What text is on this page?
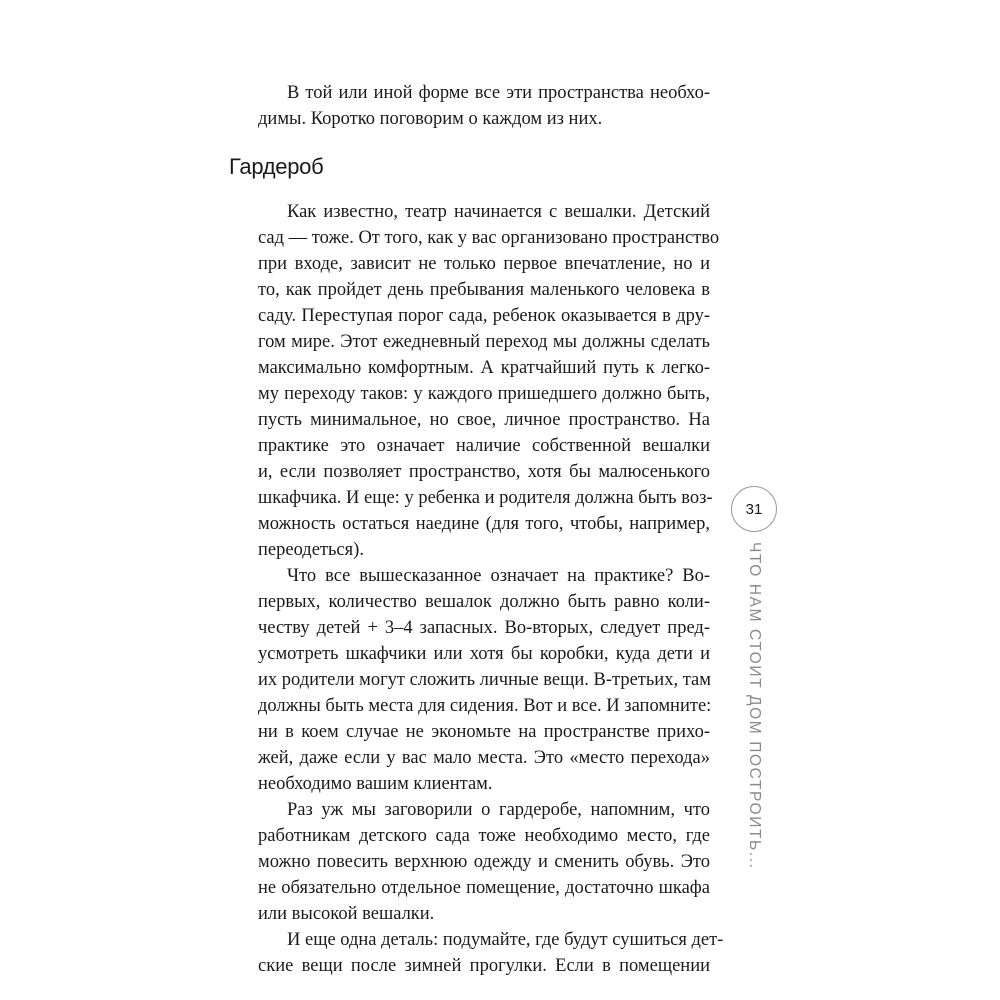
В той или иной форме все эти пространства необхо-
димы. Коротко поговорим о каждом из них.
Гардероб
Как известно, театр начинается с вешалки. Детский
сад — тоже. От того, как у вас организовано пространство
при входе, зависит не только первое впечатление, но и
то, как пройдет день пребывания маленького человека в
саду. Переступая порог сада, ребенок оказывается в дру-
гом мире. Этот ежедневный переход мы должны сделать
максимально комфортным. А кратчайший путь к легко-
му переходу таков: у каждого пришедшего должно быть,
пусть минимальное, но свое, личное пространство. На
практике это означает наличие собственной вешалки
и, если позволяет пространство, хотя бы малюсенького
шкафчика. И еще: у ребенка и родителя должна быть воз-
можность остаться наедине (для того, чтобы, например,
переодеться).
Что все вышесказанное означает на практике? Во-
первых, количество вешалок должно быть равно коли-
честву детей + 3–4 запасных. Во-вторых, следует пред-
усмотреть шкафчики или хотя бы коробки, куда дети и
их родители могут сложить личные вещи. В-третьих, там
должны быть места для сидения. Вот и все. И запомните:
ни в коем случае не экономьте на пространстве прихо-
жей, даже если у вас мало места. Это «место перехода»
необходимо вашим клиентам.
Раз уж мы заговорили о гардеробе, напомним, что
работникам детского сада тоже необходимо место, где
можно повесить верхнюю одежду и сменить обувь. Это
не обязательно отдельное помещение, достаточно шкафа
или высокой вешалки.
И еще одна деталь: подумайте, где будут сушиться дет-
ские вещи после зимней прогулки. Если в помещении
31
ЧТО НАМ СТОИТ ДОМ ПОСТРОИТЬ...
